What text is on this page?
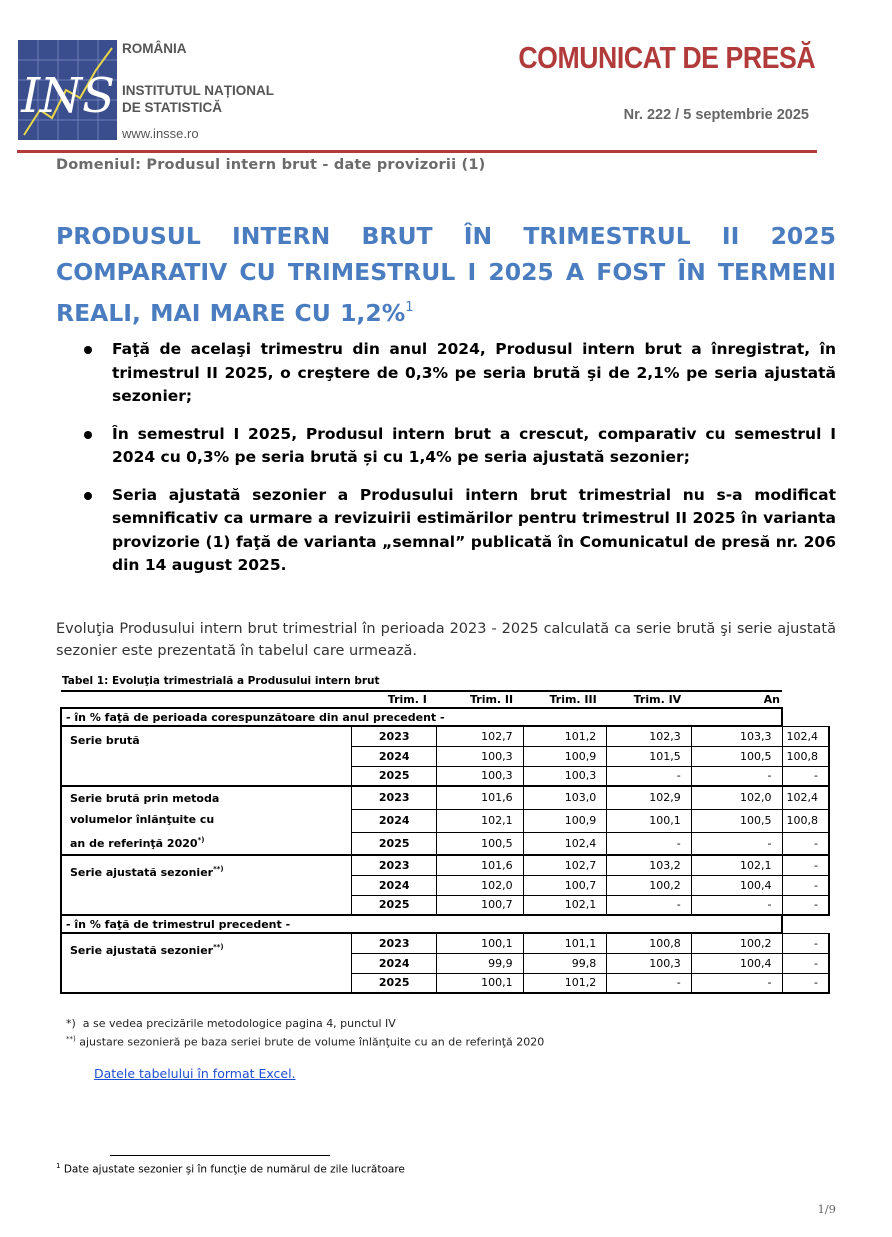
INS
ROMÂNIA
INSTITUTUL NAȚIONAL
DE STATISTICĂ
www.insse.ro
COMUNICAT DE PRESĂ
Nr. 222 / 5 septembrie 2025
Domeniul: Produsul intern brut - date provizorii (1)
PRODUSUL INTERN BRUT ÎN TRIMESTRUL II 2025 COMPARATIV CU TRIMESTRUL I 2025 A FOST ÎN TERMENI REALI, MAI MARE CU 1,2%$^1$
Faţă de acelaşi trimestru din anul 2024, Produsul intern brut a înregistrat, în trimestrul II 2025, o creştere de 0,3% pe seria brută şi de 2,1% pe seria ajustată sezonier;
În semestrul I 2025, Produsul intern brut a crescut, comparativ cu semestrul I 2024 cu 0,3% pe seria brută și cu 1,4% pe seria ajustată sezonier;
Seria ajustată sezonier a Produsului intern brut trimestrial nu s-a modificat semnificativ ca urmare a revizuirii estimărilor pentru trimestrul II 2025 în varianta provizorie (1) faţă de varianta „semnal” publicată în Comunicatul de presă nr. 206 din 14 august 2025.
Evoluţia Produsului intern brut trimestrial în perioada 2023 - 2025 calculată ca serie brută şi serie ajustată sezonier este prezentată în tabelul care urmează.
Tabel 1: Evoluţia trimestrială a Produsului intern brut
		Trim. I	Trim. II	Trim. III	Trim. IV	An	
- în % faţă de perioada corespunzătoare din anul precedent -							
Serie brută		2023	102,7	101,2	102,3	103,3	102,4
		2024	100,3	100,9	101,5	100,5	100,8
		2025	100,3	100,3	-	-	-

Serie brută prin metoda
volumelor înlănţuite cu
an de referinţă 2020*)		2023	101,6	103,0	102,9	102,0	102,4
		2024	102,1	100,9	100,1	100,5	100,8
		2025	100,5	102,4	-	-	-
Serie ajustată sezonier**)		2023	101,6	102,7	103,2	102,1	-
		2024	102,0	100,7	100,2	100,4	-
		2025	100,7	102,1	-	-	-
- în % faţă de trimestrul precedent -							
Serie ajustată sezonier**)		2023	100,1	101,1	100,8	100,2	-
		2024	99,9	99,8	100,3	100,4	-
		2025	100,1	101,2	-	-	-
*) a se vedea precizările metodologice pagina 4, punctul IV
**) ajustare sezonieră pe baza seriei brute de volume înlănţuite cu an de referinţă 2020
Datele tabelului în format Excel.
$^1$ Date ajustate sezonier şi în funcţie de numărul de zile lucrătoare
1/9
